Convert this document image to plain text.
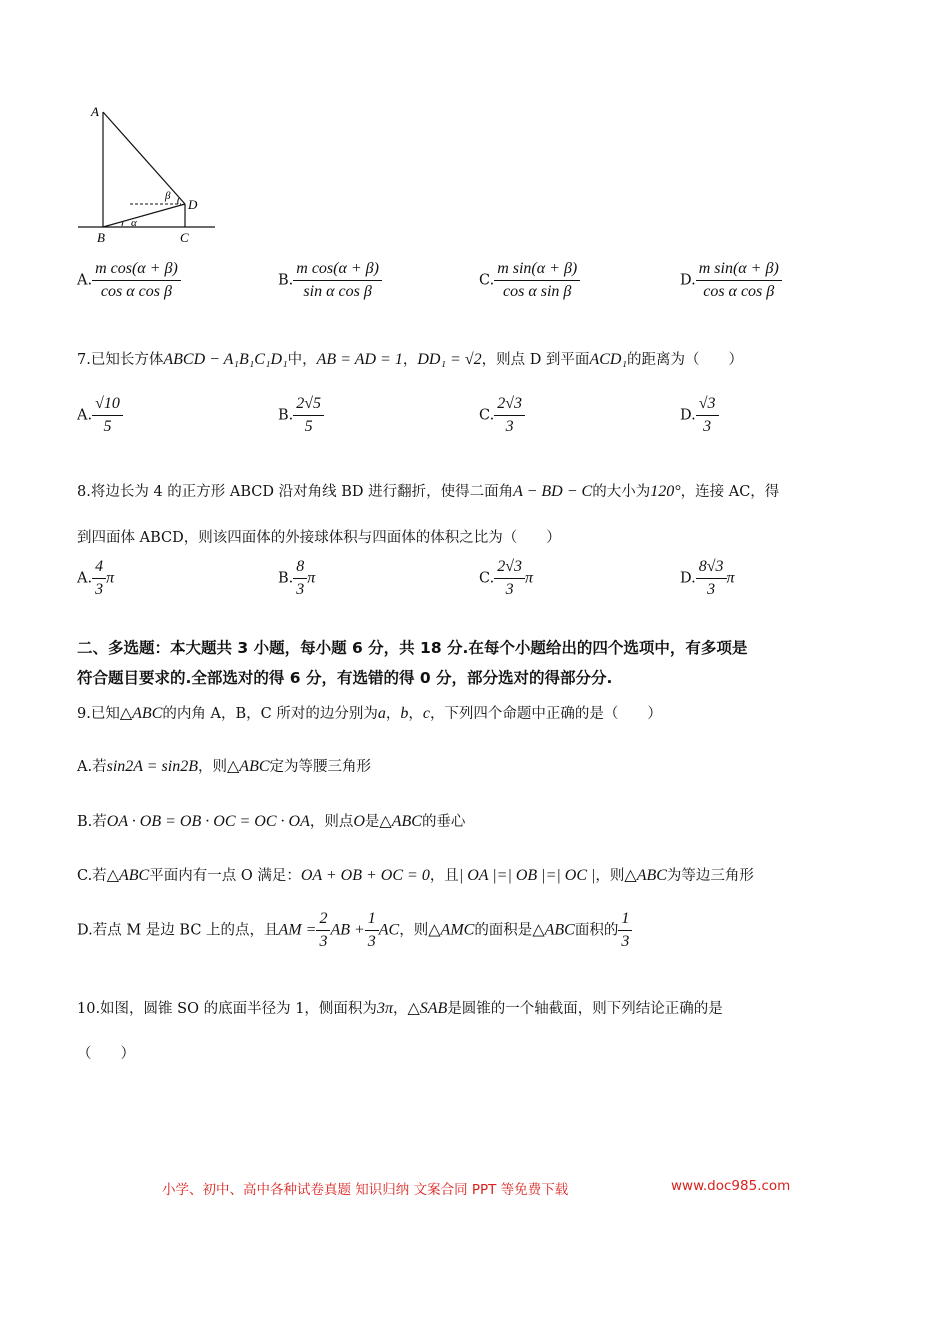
A
B	C
D
α
β
A. $\frac{\text{m cos(α + β)}}{\text{cos α cos β}}$	B. $\frac{\text{m cos(α + β)}}{\text{sin α cos β}}$	C. $\frac{\text{m sin(α + β)}}{\text{cos α sin β}}$	D. $\frac{\text{m sin(α + β)}}{\text{cos α cos β}}$
7.已知长方体ABCD − A₁B₁C₁D₁中，AB = AD = 1，DD₁ = √2，则点 D 到平面ACD₁的距离为（　　）
A. $\frac{√10}{5}$	B. $\frac{2√5}{5}$	C. $\frac{2√3}{3}$	D. $\frac{√3}{3}$
8.将边长为 4 的正方形 ABCD 沿对角线 BD 进行翻折，使得二面角A − BD − C的大小为120°，连接 AC，得
到四面体 ABCD，则该四面体的外接球体积与四面体的体积之比为（　　）
A. $\frac{4}{3}$ π	B. $\frac{8}{3}$ π	C. $\frac{2√3}{3}$ π	D. $\frac{8√3}{3}$ π
二、多选题：本大题共 3 小题，每小题 6 分，共 18 分.在每个小题给出的四个选项中，有多项是
符合题目要求的.全部选对的得 6 分，有选错的得 0 分，部分选对的得部分分.
9.已知△ABC的内角 A，B，C 所对的边分别为a，b，c，下列四个命题中正确的是（　　）
A.若sin2A = sin2B，则△ABC定为等腰三角形
B.若OA · OB = OB · OC = OC · OA，则点O是△ABC的垂心
C.若△ABC平面内有一点 O 满足：OA + OB + OC = 0，且| OA |=| OB |=| OC |，则△ABC为等边三角形
D.若点 M 是边 BC 上的点，且AM = $\frac{2}{3}$ AB + $\frac{1}{3}$ AC，则△AMC的面积是△ABC面积的 $\frac{1}{3}$
10.如图，圆锥 SO 的底面半径为 1，侧面积为3π，△SAB是圆锥的一个轴截面，则下列结论正确的是
（　　）
小学、初中、高中各种试卷真题 知识归纳 文案合同 PPT 等免费下载	www.doc985.com
